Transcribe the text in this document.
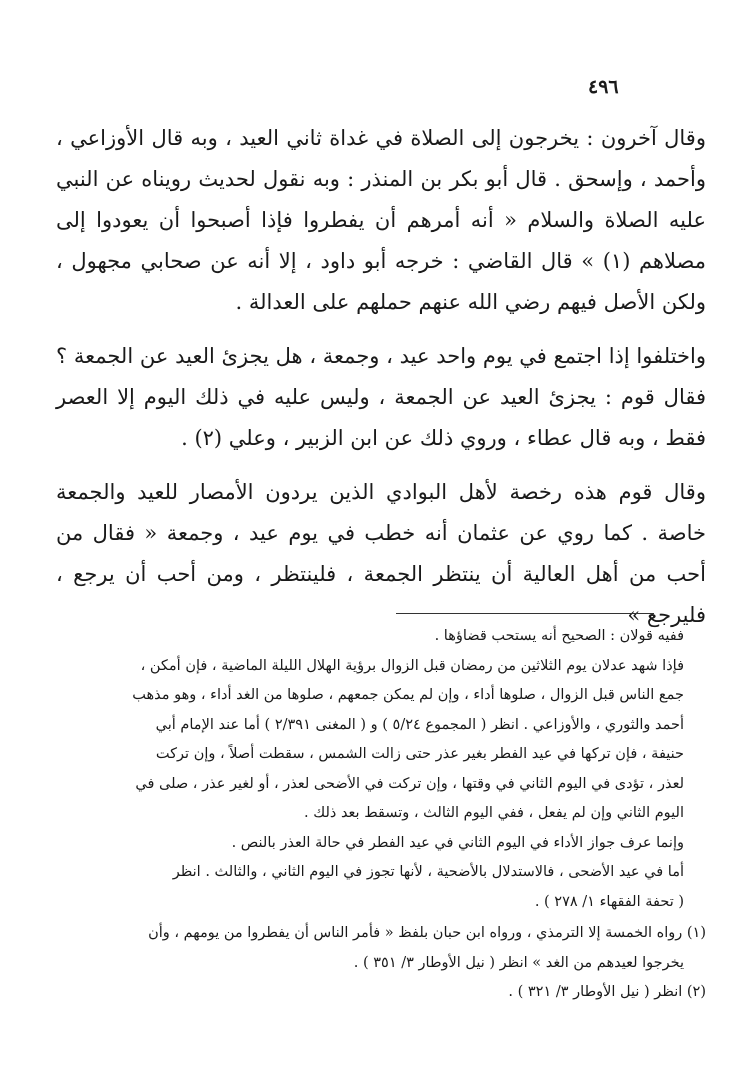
٤٩٦

وقال آخرون : يخرجون إلى الصلاة في غداة ثاني العيد ، وبه قال الأوزاعي ، وأحمد ، وإسحق . قال أبو بكر بن المنذر : وبه نقول لحديث رويناه عن النبي عليه الصلاة والسلام « أنه أمرهم أن يفطروا فإذا أصبحوا أن يعودوا إلى مصلاهم (١) » قال القاضي : خرجه أبو داود ، إلا أنه عن صحابي مجهول ، ولكن الأصل فيهم رضي الله عنهم حملهم على العدالة .

واختلفوا إذا اجتمع في يوم واحد عيد ، وجمعة ، هل يجزئ العيد عن الجمعة ؟ فقال قوم : يجزئ العيد عن الجمعة ، وليس عليه في ذلك اليوم إلا العصر فقط ، وبه قال عطاء ، وروي ذلك عن ابن الزبير ، وعلي (٢) .

وقال قوم هذه رخصة لأهل البوادي الذين يردون الأمصار للعيد والجمعة خاصة . كما روي عن عثمان أنه خطب في يوم عيد ، وجمعة « فقال من أحب من أهل العالية أن ينتظر الجمعة ، فلينتظر ، ومن أحب أن يرجع ، فليرجع »

ففيه قولان : الصحيح أنه يستحب قضاؤها .

فإذا شهد عدلان يوم الثلاثين من رمضان قبل الزوال برؤية الهلال الليلة الماضية ، فإن أمكن ،

جمع الناس قبل الزوال ، صلوها أداء ، وإن لم يمكن جمعهم ، صلوها من الغد أداء ، وهو مذهب

أحمد والثوري ، والأوزاعي . انظر ( المجموع ٥/٢٤ ) و ( المغنى ٢/٣٩١ ) أما عند الإمام أبي

حنيفة ، فإن تركها في عيد الفطر بغير عذر حتى زالت الشمس ، سقطت أصلاً ، وإن تركت

لعذر ، تؤدى في اليوم الثاني في وقتها ، وإن تركت في الأضحى لعذر ، أو لغير عذر ، صلى في

اليوم الثاني وإن لم يفعل ، ففي اليوم الثالث ، وتسقط بعد ذلك .

وإنما عرف جواز الأداء في اليوم الثاني في عيد الفطر في حالة العذر بالنص .

أما في عيد الأضحى ، فالاستدلال بالأضحية ، لأنها تجوز في اليوم الثاني ، والثالث . انظر

( تحفة الفقهاء ١/ ٢٧٨ ) .

(١) رواه الخمسة إلا الترمذي ، ورواه ابن حبان بلفظ « فأمر الناس أن يفطروا من يومهم ، وأن

يخرجوا لعيدهم من الغد » انظر ( نيل الأوطار ٣/ ٣٥١ ) .

(٢) انظر ( نيل الأوطار ٣/ ٣٢١ ) .
